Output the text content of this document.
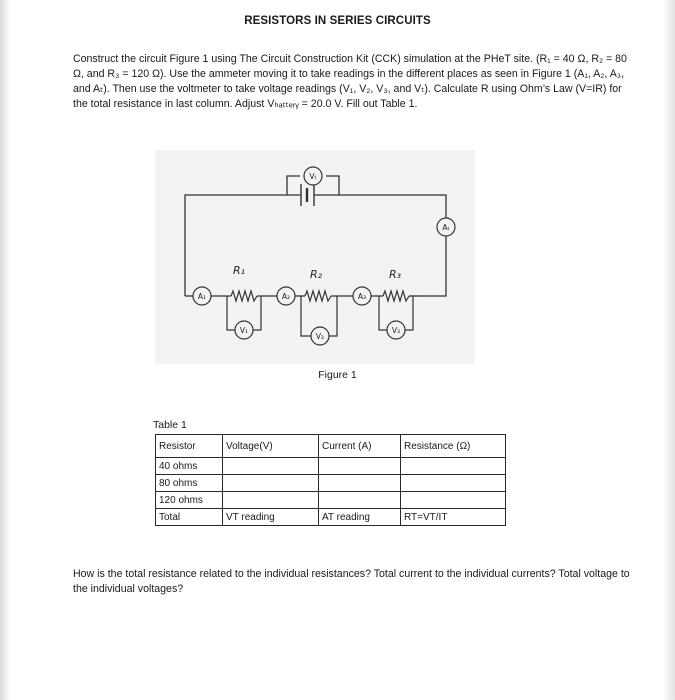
RESISTORS IN SERIES CIRCUITS

Construct the circuit Figure 1 using The Circuit Construction Kit (CCK) simulation at the PHeT site. (R₁ = 40 Ω, R₂ = 80 Ω, and R₃ = 120 Ω). Use the ammeter moving it to take readings in the different places as seen in Figure 1 (A₁, A₂, A₃, and Aₜ). Then use the voltmeter to take voltage readings (V₁, V₂, V₃, and Vₜ). Calculate R using Ohm’s Law (V=IR) for the total resistance in last column. Adjust Vₕₐₜₜₑᵣᵧ = 20.0 V. Fill out Table 1.

A₁	A₂	A₃
Aₜ
V₁
V₂
V₃
Vₜ
R₁	R₂	R₃
Figure 1
Table 1
Resistor	Voltage(V)	Current (A)	Resistance (Ω)
40 ohms			
80 ohms			
120 ohms			
Total	VT reading	AT reading	RT=VT/IT
How is the total resistance related to the individual resistances? Total current to the individual currents? Total voltage to the individual voltages?
